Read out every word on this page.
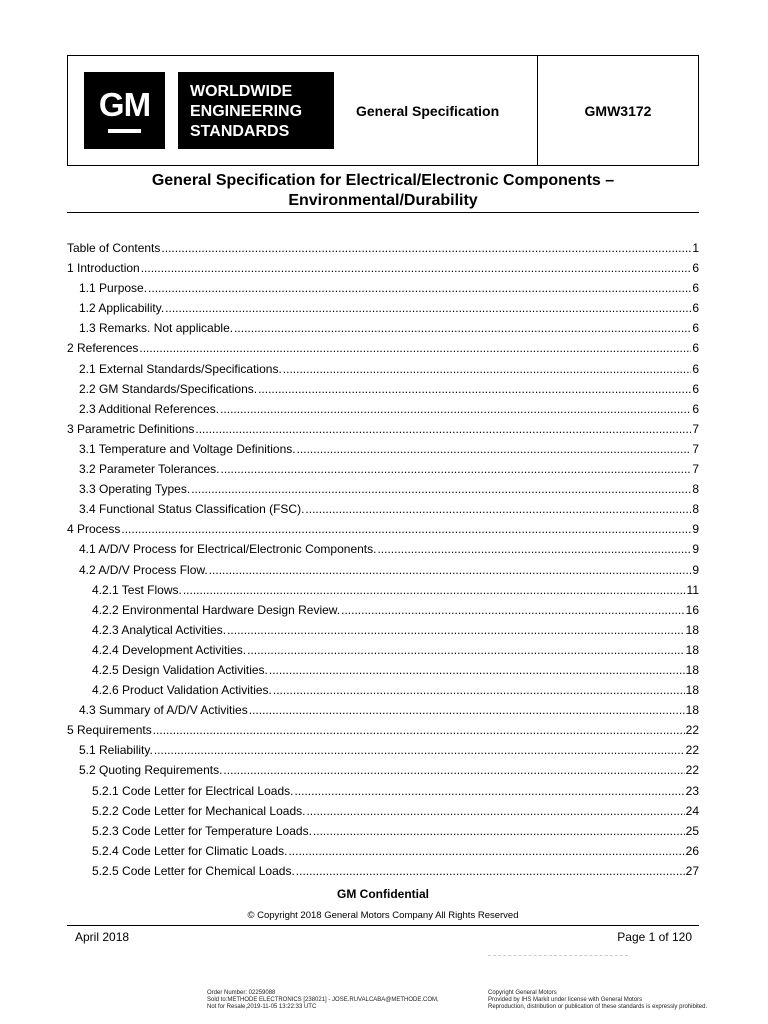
GM	WORLDWIDE
ENGINEERING
STANDARDS
General Specification	GMW3172
General Specification for Electrical/Electronic Components –
Environmental/Durability
Table of Contents .....	1
1 Introduction .....	6
1.1 Purpose. .....	6
1.2 Applicability. .....	6
1.3 Remarks. Not applicable. .....	6
2 References .....	6
2.1 External Standards/Specifications. .....	6
2.2 GM Standards/Specifications. .....	6
2.3 Additional References. .....	6
3 Parametric Definitions .....	7
3.1 Temperature and Voltage Definitions. .....	7
3.2 Parameter Tolerances. .....	7
3.3 Operating Types. .....	8
3.4 Functional Status Classification (FSC). .....	8
4 Process .....	9
4.1 A/D/V Process for Electrical/Electronic Components. .....	9
4.2 A/D/V Process Flow. .....	9
4.2.1 Test Flows. .....	11
4.2.2 Environmental Hardware Design Review. .....	16
4.2.3 Analytical Activities. .....	18
4.2.4 Development Activities. .....	18
4.2.5 Design Validation Activities. .....	18
4.2.6 Product Validation Activities. .....	18
4.3 Summary of A/D/V Activities .....	18
5 Requirements .....	22
5.1 Reliability. .....	22
5.2 Quoting Requirements. .....	22
5.2.1 Code Letter for Electrical Loads. .....	23
5.2.2 Code Letter for Mechanical Loads. .....	24
5.2.3 Code Letter for Temperature Loads. .....	25
5.2.4 Code Letter for Climatic Loads. .....	26
5.2.5 Code Letter for Chemical Loads. .....	27
GM Confidential
© Copyright 2018 General Motors Company All Rights Reserved
April 2018	Page 1 of 120
Order Number: 02259088
Sold to:METHODE ELECTRONICS [238021] - JOSE.RUVALCABA@METHODE.COM,
Not for Resale,2019-11-05 13:22:33 UTC
Copyright General Motors
Provided by IHS Markit under license with General Motors
Reproduction, distribution or publication of these standards is expressly prohibited.
